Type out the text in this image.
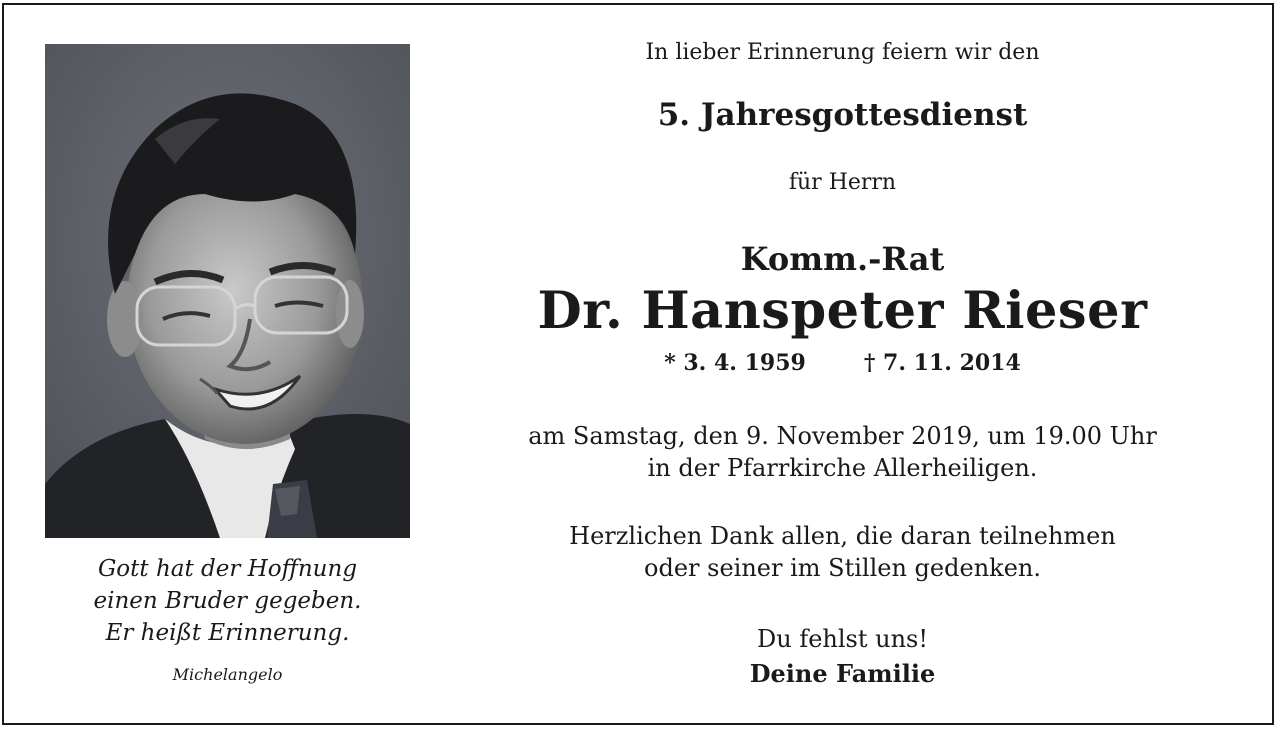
Gott hat der Hoffnung
einen Bruder gegeben.
Er heißt Erinnerung.
Michelangelo
In lieber Erinnerung feiern wir den
5. Jahresgottesdienst
für Herrn
Komm.-Rat
Dr. Hanspeter Rieser
* 3. 4. 1959	† 7. 11. 2014
am Samstag, den 9. November 2019, um 19.00 Uhr
in der Pfarrkirche Allerheiligen.
Herzlichen Dank allen, die daran teilnehmen
oder seiner im Stillen gedenken.
Du fehlst uns!
Deine Familie
